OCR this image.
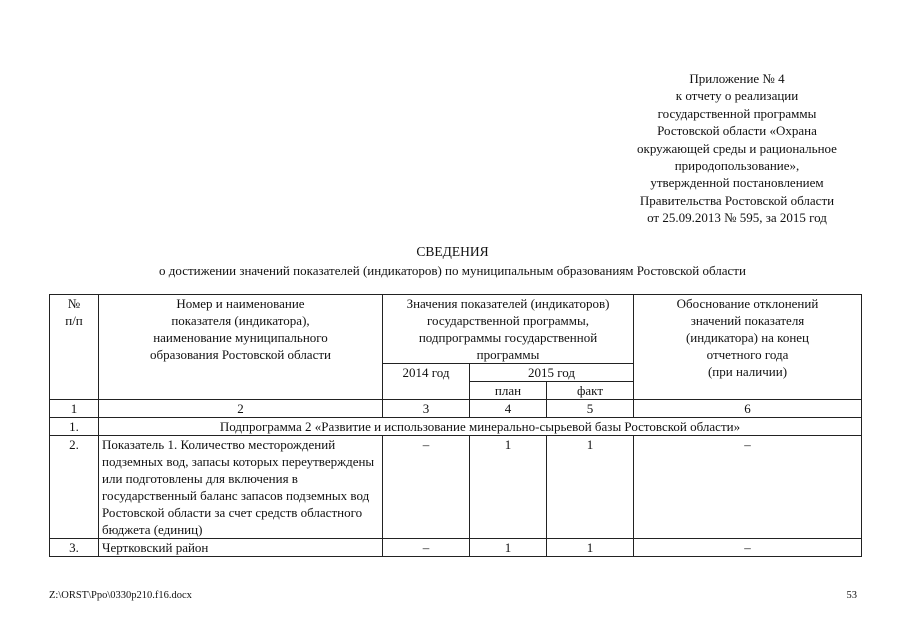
Приложение № 4
к отчету о реализации
государственной программы
Ростовской области «Охрана
окружающей среды и рациональное
природопользование»,
утвержденной постановлением
Правительства Ростовской области
от 25.09.2013 № 595, за 2015 год
СВЕДЕНИЯ
о достижении значений показателей (индикаторов) по муниципальным образованиям Ростовской области
№
п/п	Номер и наименование
показателя (индикатора),
наименование муниципального
образования Ростовской области	Значения показателей (индикаторов)
государственной программы,
подпрограммы государственной
программы			Обоснование отклонений
значений показателя
(индикатора) на конец
отчетного года
(при наличии)
		2014 год	2015 год		
			план	факт	
1	2	3	4	5	6
1.	Подпрограмма 2 «Развитие и использование минерально-сырьевой базы Ростовской области»				
2.	Показатель 1. Количество месторождений подземных вод, запасы которых переутверждены или подготовлены для включения в государственный баланс запасов подземных вод Ростовской области за счет средств областного бюджета (единиц)	–	1	1	–
3.	Чертковский район	–	1	1	–
Z:\ORST\Ppo\0330p210.f16.docx	53
